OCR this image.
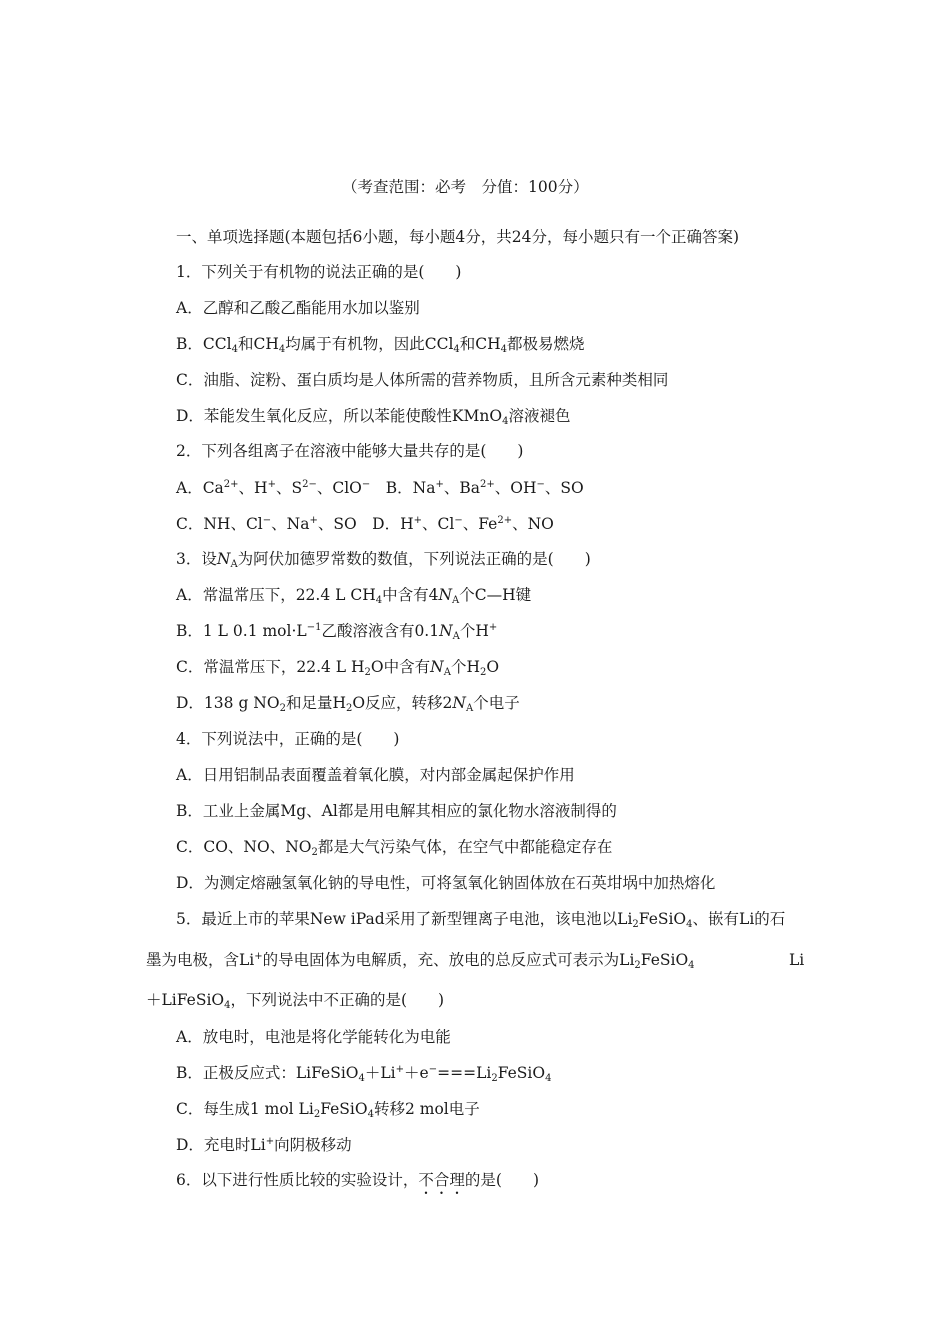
（考查范围：必考　分值：100分）
一、单项选择题(本题包括6小题，每小题4分，共24分，每小题只有一个正确答案)
1．下列关于有机物的说法正确的是(　　)
A．乙醇和乙酸乙酯能用水加以鉴别
B．CCl$_4$和$CH_4$均属于有机物，因此CCl$_4$和$CH_4$都极易燃烧
C．油脂、淀粉、蛋白质均是人体所需的营养物质，且所含元素种类相同
D．苯能发生氧化反应，所以苯能使酸性KMnO$_4$溶液褪色
2．下列各组离子在溶液中能够大量共存的是(　　)
A．$Ca^{2+}$、H+、$S^{2-}$、ClO−　B．Na+、$Ba^{2+}$、OH−、SO
C．NH、Cl−、Na+、SO　D．H+、Cl−、$Fe^{2+}$、NO
3．设$N_A$为阿伏加德罗常数的数值，下列说法正确的是(　　)
A．常温常压下，22.4 L $CH_4$中含有$4N_A$个C—H键
B．1 L 0.1 $mol\cdot L^{-1}$乙酸溶液含有$0.1N_A$个H+
C．常温常压下，22.4 L $H_2O$中含有$N_A$个$H_2O$
D．138 g $NO_2$和足量$H_2O$反应，转移$2N_A$个电子
4．下列说法中，正确的是(　　)
A．日用铝制品表面覆盖着氧化膜，对内部金属起保护作用
B．工业上金属Mg、Al都是用电解其相应的氯化物水溶液制得的
C．CO、NO、$NO_2$都是大气污染气体，在空气中都能稳定存在
D．为测定熔融氢氧化钠的导电性，可将氢氧化钠固体放在石英坩埚中加热熔化
5．最近上市的苹果New iPad采用了新型锂离子电池，该电池以$Li_2FeSiO_4$、嵌有Li的石
墨为电极，含Li+的导电固体为电解质，充、放电的总反应式可表示为$Li_2FeSiO_4$	Li
＋LiFeSiO$_4$，下列说法中不正确的是(　　)
A．放电时，电池是将化学能转化为电能
B．正极反应式：$LiFeSiO_4+Li^++e^-===Li_2FeSiO_4$
C．每生成1 mol $Li_2FeSiO_4$转移2 mol电子
D．充电时Li+向阴极移动
6．以下进行性质比较的实验设计，不合理的是(　　)
